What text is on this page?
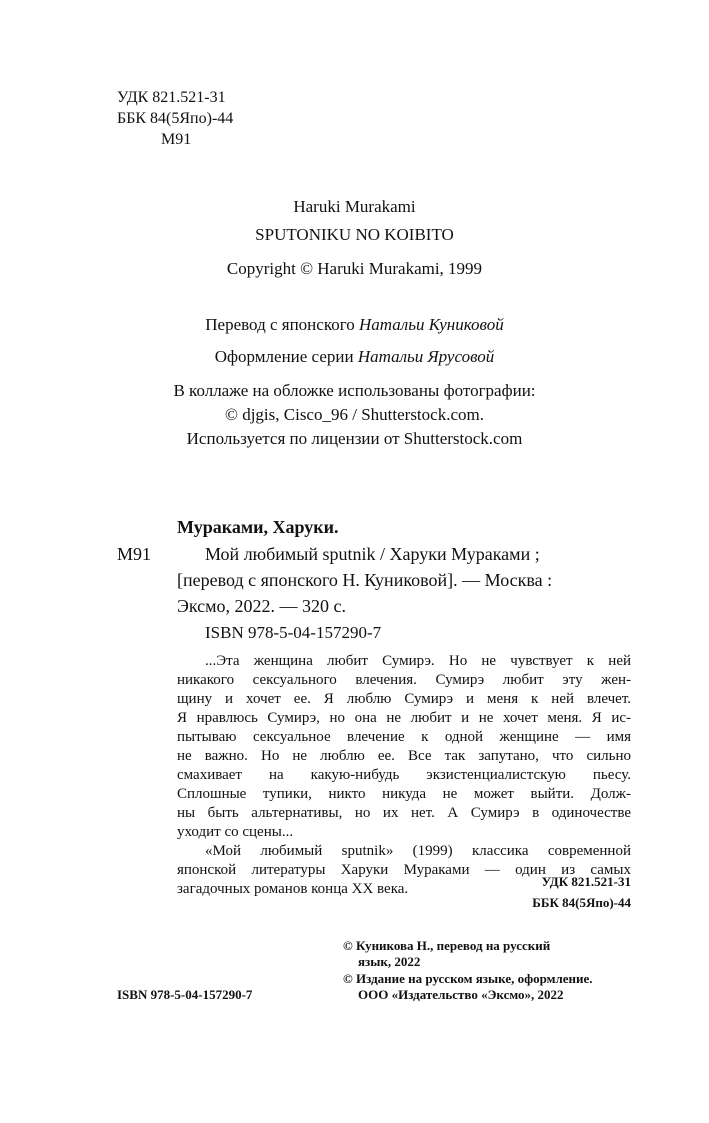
УДК 821.521-31
ББК 84(5Япо)-44
М91
Haruki Murakami
SPUTONIKU NO KOIBITO
Copyright © Haruki Murakami, 1999
Перевод с японского Натальи Куниковой
Оформление серии Натальи Ярусовой
В коллаже на обложке использованы фотографии:
© djgis, Cisco_96 / Shutterstock.com.
Используется по лицензии от Shutterstock.com
Мураками, Харуки.
М91	Мой любимый sputnik / Харуки Мураками ;
[перевод с японского Н. Куниковой]. — Москва :
Эксмо, 2022. — 320 с.
ISBN 978-5-04-157290-7
...Эта женщина любит Сумирэ. Но не чувствует к ней
никакого сексуального влечения. Сумирэ любит эту жен-
щину и хочет ее. Я люблю Сумирэ и меня к ней влечет.
Я нравлюсь Сумирэ, но она не любит и не хочет меня. Я ис-
пытываю сексуальное влечение к одной женщине — имя
не важно. Но не люблю ее. Все так запутано, что сильно
смахивает на какую-нибудь экзистенциалистскую пьесу.
Сплошные тупики, никто никуда не может выйти. Долж-
ны быть альтернативы, но их нет. А Сумирэ в одиночестве
уходит со сцены...
«Мой любимый sputnik» (1999) классика современной
японской литературы Харуки Мураками — один из самых
загадочных романов конца ХХ века.	УДК 821.521-31
ББК 84(5Япо)-44
© Куникова Н., перевод на русский
язык, 2022
© Издание на русском языке, оформление.
ООО «Издательство «Эксмо», 2022
ISBN 978-5-04-157290-7
